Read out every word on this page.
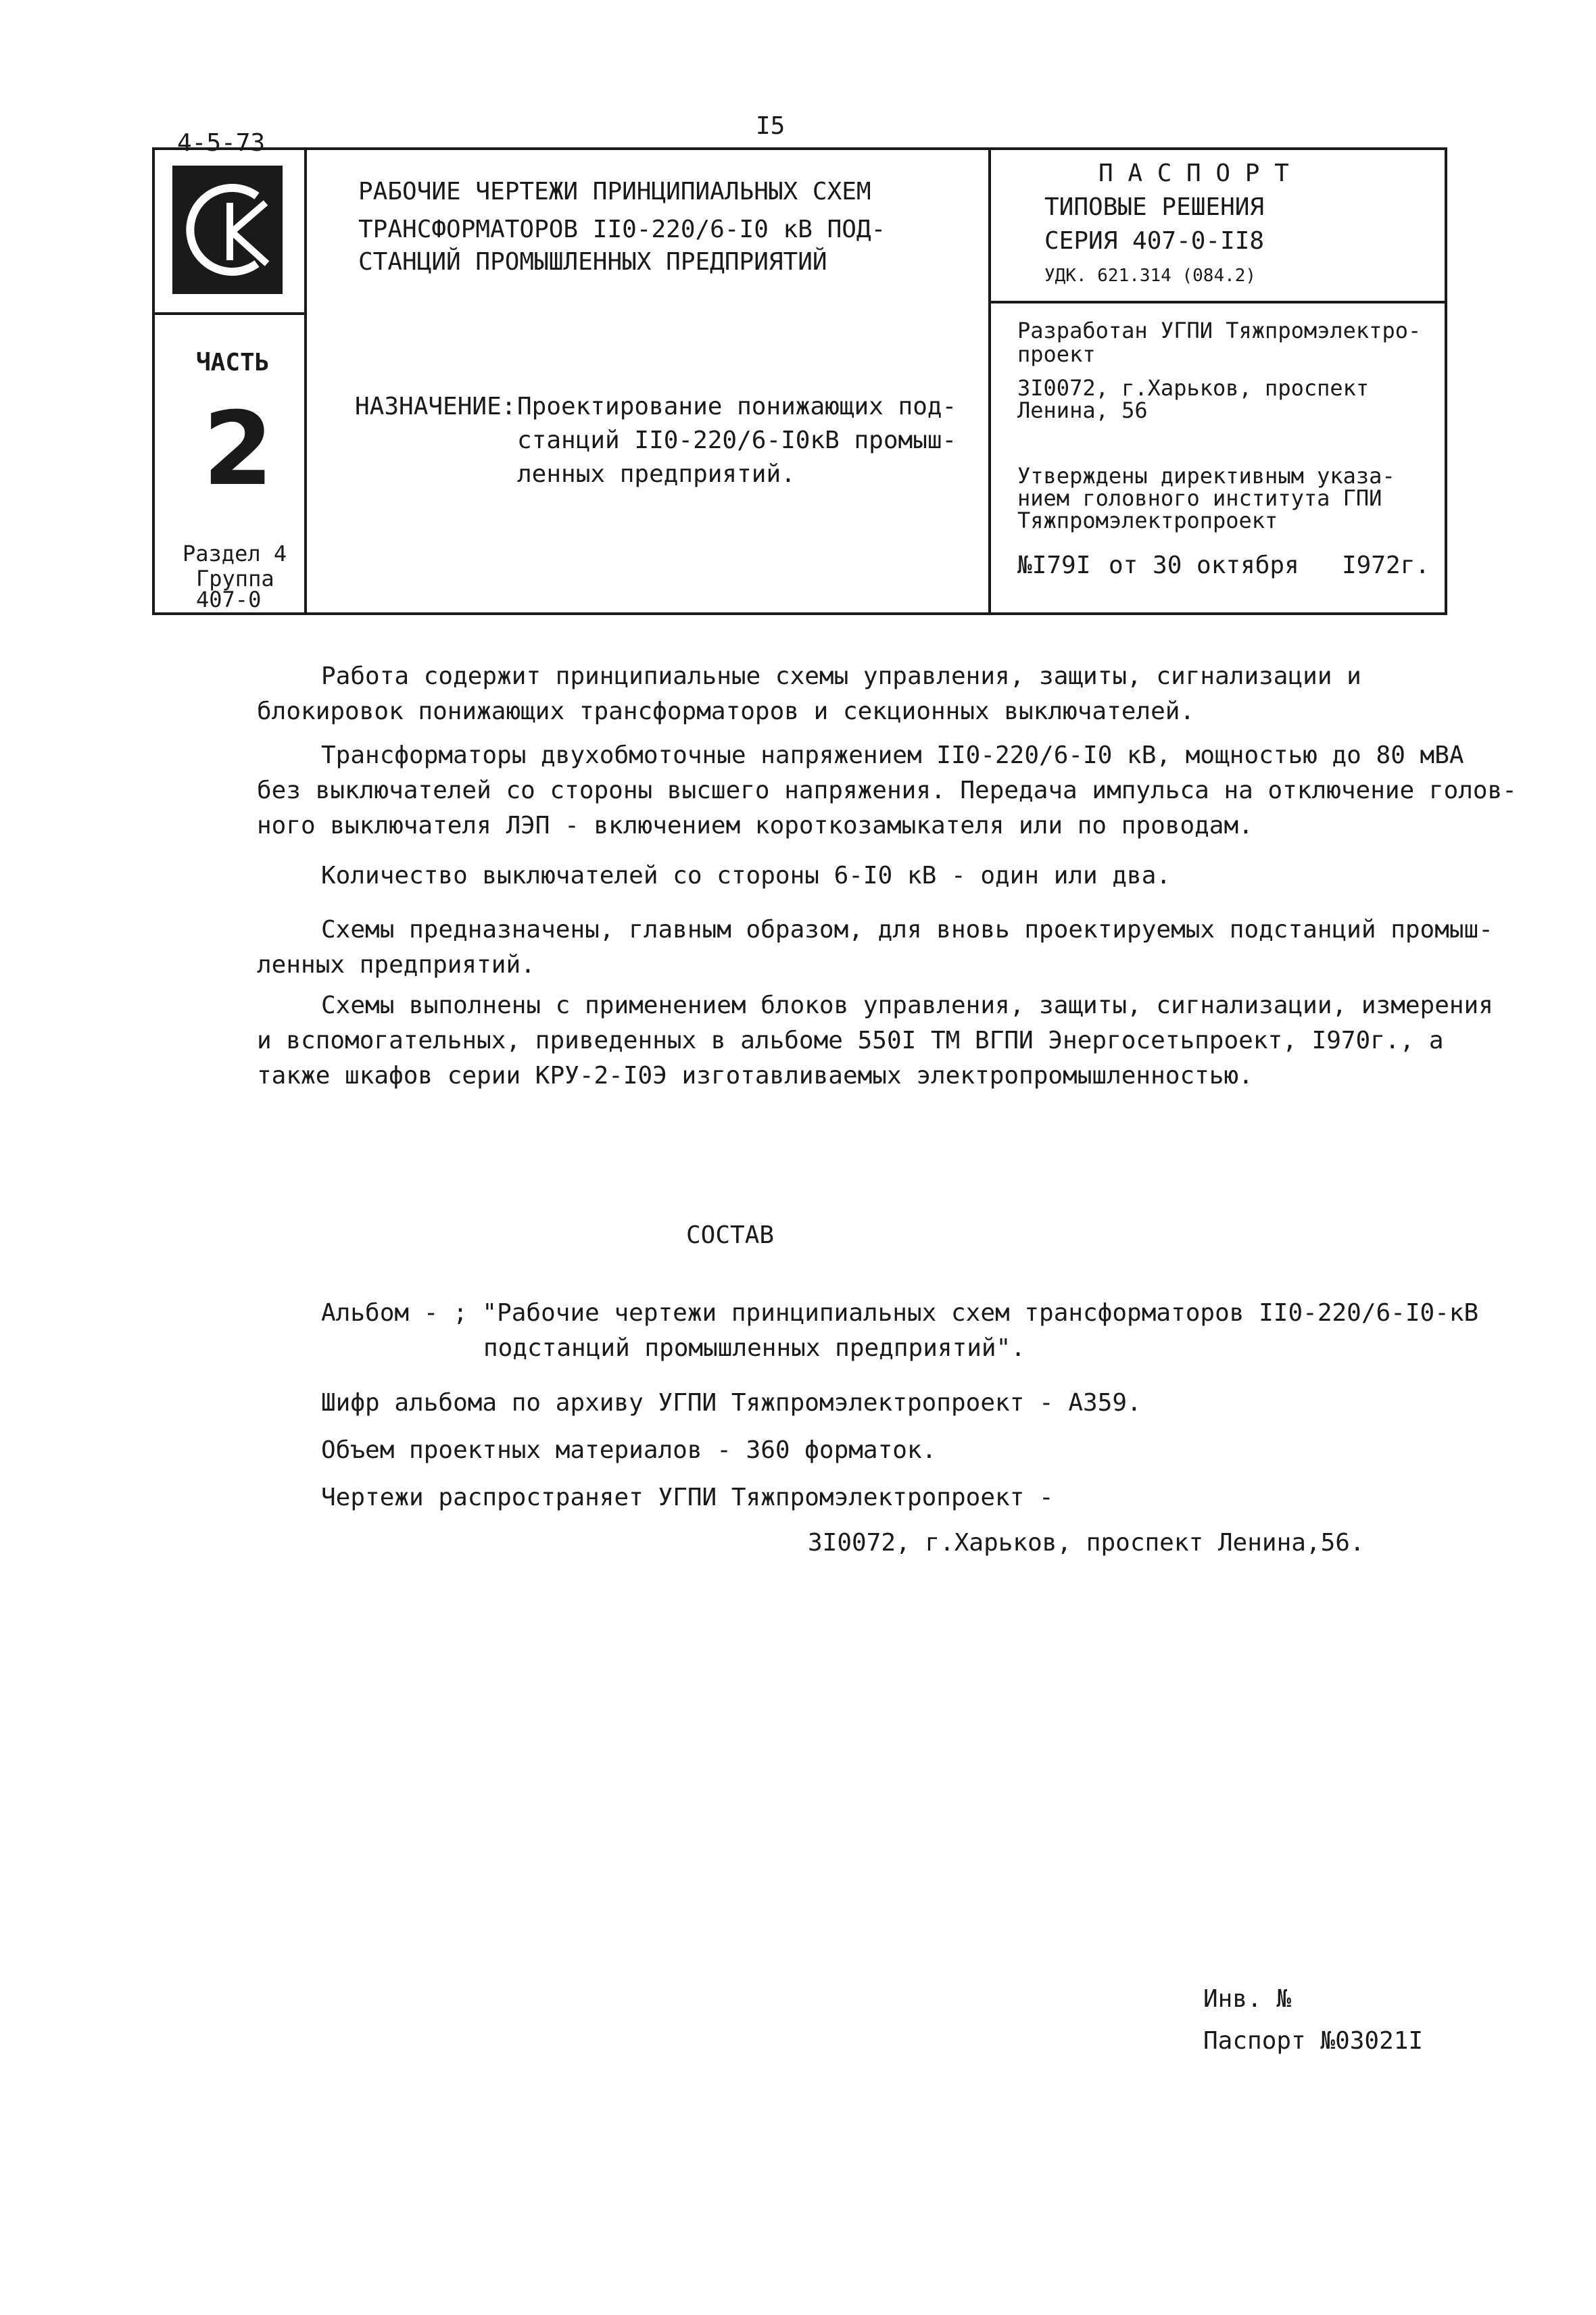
4-5-73
I5
ЧАСТЬ
2
Раздел 4
Группа
407-0
РАБОЧИЕ ЧЕРТЕЖИ ПРИНЦИПИАЛЬНЫХ СХЕМ
ТРАНСФОРМАТОРОВ II0-220/6-I0 кВ ПОД-
СТАНЦИЙ ПРОМЫШЛЕННЫХ ПРЕДПРИЯТИЙ
НАЗНАЧЕНИЕ: Проектирование понижающих под-
станций II0-220/6-I0кВ промыш-
ленных предприятий.
П А С П О Р Т
ТИПОВЫЕ РЕШЕНИЯ
СЕРИЯ 407-0-II8
УДК. 621.314 (084.2)
Разработан УГПИ Тяжпромэлектро-
проект
3I0072, г.Харьков, проспект
Ленина, 56
Утверждены директивным указа-
нием головного института ГПИ
Тяжпромэлектропроект
№I79I от 30 октября I972г.
Работа содержит принципиальные схемы управления, защиты, сигнализации и
блокировок понижающих трансформаторов и секционных выключателей.
Трансформаторы двухобмоточные напряжением II0-220/6-I0 кВ, мощностью до 80 мВА
без выключателей со стороны высшего напряжения. Передача импульса на отключение голов-
ного выключателя ЛЭП - включением короткозамыкателя или по проводам.
Количество выключателей со стороны 6-I0 кВ - один или два.
Схемы предназначены, главным образом, для вновь проектируемых подстанций промыш-
ленных предприятий.
Схемы выполнены с применением блоков управления, защиты, сигнализации, измерения
и вспомогательных, приведенных в альбоме 550I ТМ ВГПИ Энергосетьпроект, I970г., а
также шкафов серии КРУ-2-I0Э изготавливаемых электропромышленностью.
СОСТАВ
Альбом - ; "Рабочие чертежи принципиальных схем трансформаторов II0-220/6-I0-кВ
подстанций промышленных предприятий".
Шифр альбома по архиву УГПИ Тяжпромэлектропроект - А359.
Объем проектных материалов - 360 форматок.
Чертежи распространяет УГПИ Тяжпромэлектропроект -
3I0072, г.Харьков, проспект Ленина,56.
Инв. №
Паспорт №03021I
